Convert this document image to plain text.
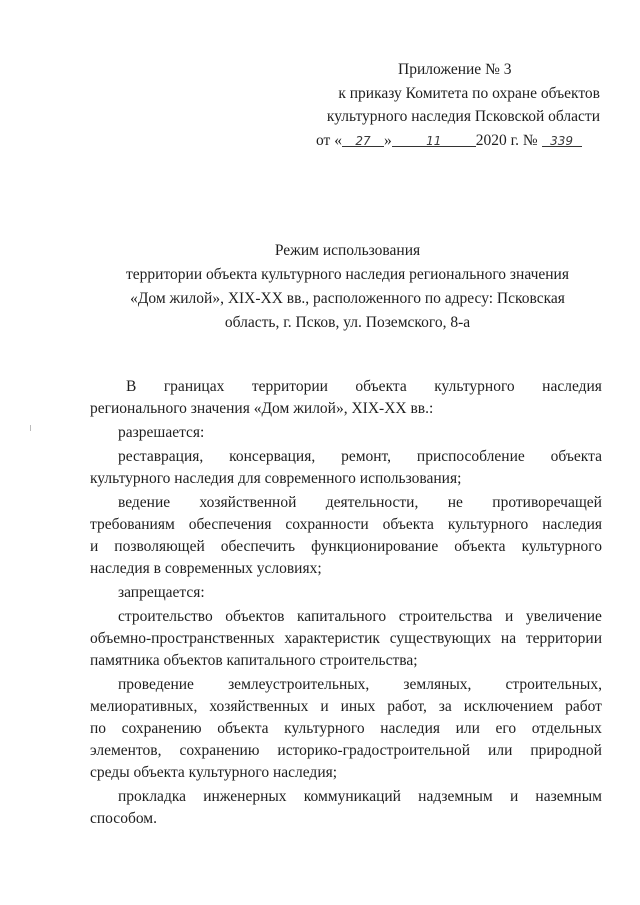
Приложение № 3
к приказу Комитета по охране объектов
культурного наследия Псковской области
от « 27 »	11 2020 г. № 339
Режим использования
территории объекта культурного наследия регионального значения
«Дом жилой», XIX-XX вв., расположенного по адресу: Псковская
область, г. Псков, ул. Поземского, 8-а
В границах территории объекта культурного наследия
регионального значения «Дом жилой», XIX-XX вв.:
разрешается:
реставрация, консервация, ремонт, приспособление объекта
культурного наследия для современного использования;
ведение хозяйственной деятельности, не противоречащей
требованиям обеспечения сохранности объекта культурного наследия
и позволяющей обеспечить функционирование объекта культурного
наследия в современных условиях;
запрещается:
строительство объектов капитального строительства и увеличение
объемно-пространственных характеристик существующих на территории
памятника объектов капитального строительства;
проведение землеустроительных, земляных, строительных,
мелиоративных, хозяйственных и иных работ, за исключением работ
по сохранению объекта культурного наследия или его отдельных
элементов, сохранению историко-градостроительной или природной
среды объекта культурного наследия;
прокладка инженерных коммуникаций надземным и наземным
способом.
